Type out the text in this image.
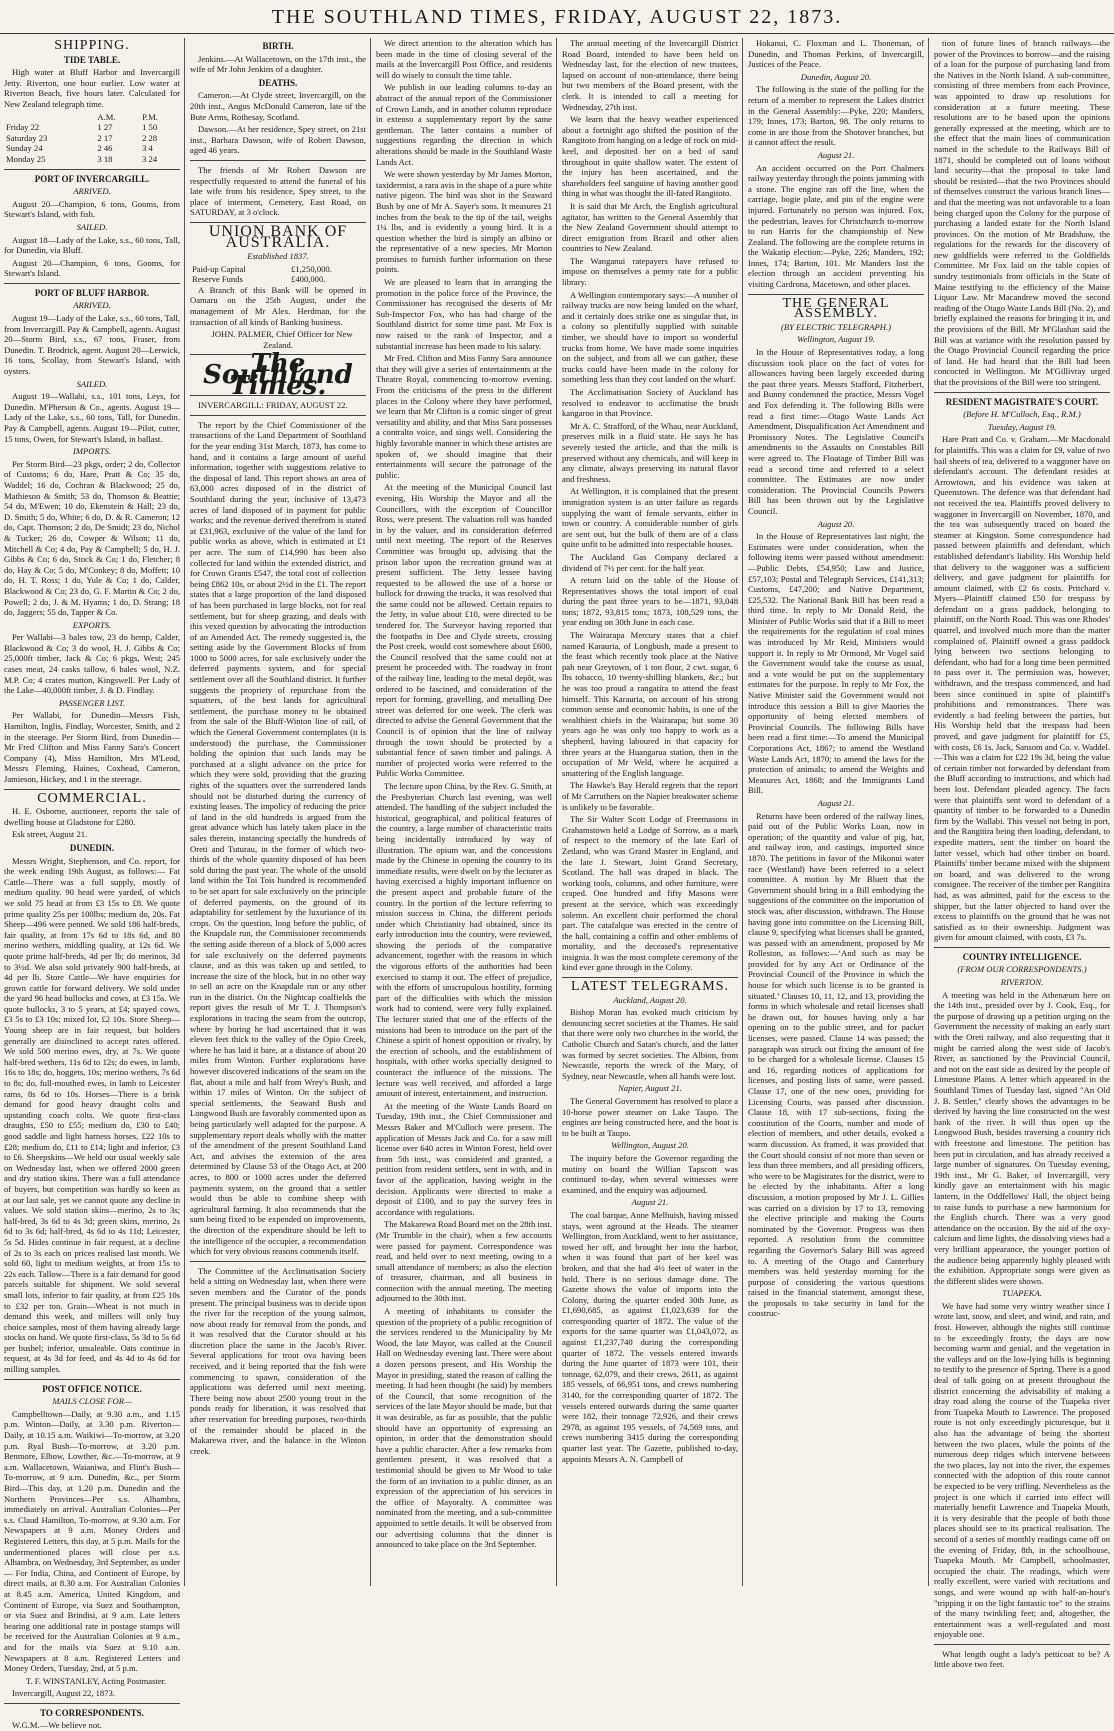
THE SOUTHLAND TIMES, FRIDAY, AUGUST 22, 1873.
SHIPPING.
TIDE TABLE.

High water at Bluff Harbor and Invercargill Jetty. Riverton, one hour earlier. Low water at Riverton Beach, five hours later. Calculated for New Zealand telegraph time.

	A.M.	P.M.
Friday 22	1 27	1 50
Saturday 23	2 17	2 28
Sunday 24	2 46	3 4
Monday 25	3 18	3 24
PORT OF INVERCARGILL.
ARRIVED.

August 20—Champion, 6 tons, Gooms, from Stewart's Island, with fish.

SAILED.

August 18—Lady of the Lake, s.s., 60 tons, Tall, for Dunedin, via Bluff.

August 20—Champion, 6 tons, Gooms, for Stewart's Island.

PORT OF BLUFF HARBOR.
ARRIVED.

August 19—Lady of the Lake, s.s., 60 tons, Tall, from Invercargill. Pay & Campbell, agents. August 20—Storm Bird, s.s., 67 tons, Fraser, from Dunedin. T. Brodrick, agent. August 20—Lerwick, 16 tons, Scollay, from Stewart's Island, with oysters.

SAILED.

August 19—Wallabi, s.s., 101 tons, Leys, for Dunedin. M'Pherson & Co., agents. August 19—Lady of the Lake, s.s., 60 tons, Tall, for Dunedin. Pay & Campbell, agents. August 19—Pilot, cutter, 15 tons, Owen, for Stewart's Island, in ballast.

IMPORTS.

Per Storm Bird—23 pkgs, order; 2 do, Collector of Customs; 6 do, Hare, Pratt & Co; 35 do, Waddel; 16 do, Cochran & Blackwood; 25 do, Mathieson & Smith; 53 do, Thomson & Beattie; 54 do, M'Ewen; 10 do, Ekenstein & Hall; 23 do, D. Smith; 5 do, White; 6 do, D. & R. Cameron; 12 do, Capt. Thomson; 2 do, De Smidt; 23 do, Nichol & Tucker; 26 do, Cowper & Wilson; 11 do, Mitchell & Co; 4 do, Pay & Campbell; 5 do, H. J. Gibbs & Co; 6 do, Stock & Co; 1 do, Fletcher; 8 do, Hay & Co; 5 do, M'Conkey; 8 do, Moffett; 10 do, H. T. Ross; 1 do, Yule & Co; 1 do, Calder, Blackwood & Co; 23 do, G. F. Martin & Co; 2 do, Powell; 2 do, J. & M. Hyams; 1 do, D. Strang; 18 do, Jaggers; 55 do, Tapper & Co.

EXPORTS.

Per Wallabi—3 bales tow, 23 do hemp, Calder, Blackwood & Co; 3 do wool, H. J. Gibbs & Co; 25,000ft timber, Jack & Co; 6 pkgs, West; 245 cases meat, 24 casks tallow, 6 bales wool, N.Z. M.P. Co; 4 crates mutton, Kingswell. Per Lady of the Lake—40,000ft timber, J. & D. Findlay.

PASSENGER LIST.

Per Wallabi, for Dunedin—Messrs Fish, Hamilton, Inglis, Findlay, Worcester, Smith, and 2 in the steerage. Per Storm Bird, from Dunedin—Mr Fred Clifton and Miss Fanny Sara's Concert Company (4), Miss Hamilton, Mrs M'Leod, Messrs Fleming, Haines, Coxhead, Cameron, Jamieson, Hickey, and 1 in the steerage.

COMMERCIAL.

H. E. Osborne, auctioneer, reports the sale of dwelling house at Gladstone for £280.

Esk street, August 21.

DUNEDIN.

Messrs Wright, Stephenson, and Co. report, for the week ending 19th August, as follows:— Fat Cattle—There was a full supply, mostly of medium quality. 90 head were yarded, of which we sold 75 head at from £3 15s to £8. We quote prime quality 25s per 100lbs; medium do, 20s. Fat Sheep—496 were penned. We sold 186 half-breds, fair quality, at from 17s 6d to 18s 6d, and 80 merino wethers, middling quality, at 12s 6d. We quote prime half-breds, 4d per lb; do merinos, 3d to 3½d. We also sold privately 900 half-breds, at 4d per lb. Store Cattle—We have enquiries for grown cattle for forward delivery. We sold under the yard 96 head bullocks and cows, at £3 15s. We quote bullocks, 3 to 5 years, at £4; spayed cows, £3 5s to £3 10s; mixed lot, £2 10s. Store Sheep—Young sheep are in fair request, but holders generally are disinclined to accept rates offered. We sold 500 merino ewes, dry, at 7s. We quote half-bred wethers, 11s 6d to 12s; do ewes, in lamb, 16s to 18s; do, hoggets, 10s; merino wethers, 7s 6d to 8s; do, full-mouthed ewes, in lamb to Leicester rams, 8s 6d to 10s. Horses—There is a brisk demand for good heavy draught colts and upstanding coach colts. We quote first-class draughts, £50 to £55; medium do, £30 to £40; good saddle and light harness horses, £22 10s to £28; medium do, £11 to £14; light and inferior, £3 to £6. Sheepskins—We held our usual weekly sale on Wednesday last, when we offered 2000 green and dry station skins. There was a full attendance of buyers, but competition was hardly so keen as at our last sale, yet we cannot quote any decline in values. We sold station skins—merino, 2s to 3s; half-bred, 3s 6d to 4s 3d; green skins, merino, 2s 6d to 3s 6d; half-bred, 4s 6d to 4s 11d; Leicester, 5s 5d. Hides continue in fair request, at a decline of 2s to 3s each on prices realised last month. We sold 60, light to medium weights, at from 15s to 22s each. Tallow—There is a fair demand for good parcels suitable for shipment. We sold several small lots, inferior to fair quality, at from £25 10s to £32 per ton. Grain—Wheat is not much in demand this week, and millers will only buy choice samples, most of them having already large stocks on hand. We quote first-class, 5s 3d to 5s 6d per bushel; inferior, unsaleable. Oats continue in request, at 4s 3d for feed, and 4s 4d to 4s 6d for milling samples.

POST OFFICE NOTICE.
MAILS CLOSE FOR—

Campbelltown—Daily, at 9.30 a.m., and 1.15 p.m. Winton—Daily, at 3.30 p.m. Riverton—Daily, at 10.15 a.m. Waikiwi—To-morrow, at 3.20 p.m. Ryal Bush—To-morrow, at 3.20 p.m. Benmore, Elbow, Lowther, &c.—To-morrow, at 9 a.m. Wallacetown, Waianiwa, and Flint's Bush—To-morrow, at 9 a.m. Dunedin, &c., per Storm Bird—This day, at 1.20 p.m. Dunedin and the Northern Provinces—Per s.s. Alhambra, immediately on arrival. Australian Colonies—Per s.s. Claud Hamilton, To-morrow, at 9.30 a.m. For Newspapers at 9 a.m. Money Orders and Registered Letters, this day, at 5 p.m. Mails for the undermentioned places will close per s.s. Alhambra, on Wednesday, 3rd September, as under— For India, China, and Continent of Europe, by direct mails, at 8.30 a.m. For Australian Colonies at 8.45 a.m. America, United Kingdom, and Continent of Europe, via Suez and Southampton, or via Suez and Brindisi, at 9 a.m. Late letters bearing one additional rate in postage stamps will be received for the Australian Colonies at 9 a.m., and for the mails via Suez at 9.10 a.m. Newspapers at 8 a.m. Registered Letters and Money Orders, Tuesday, 2nd, at 5 p.m.

T. F. WINSTANLEY, Acting Postmaster.

Invercargill, August 22, 1873.

TO CORRESPONDENTS.

W.G.M.—We believe not.

BIRTH.

Jenkins.—At Wallacetown, on the 17th inst., the wife of Mr John Jenkins of a daughter.

DEATHS.

Cameron.—At Clyde street, Invercargill, on the 20th inst., Angus McDonald Cameron, late of the Bute Arms, Rothesay, Scotland.

Dawson.—At her residence, Spey street, on 21st inst., Barbara Dawson, wife of Robert Dawson, aged 46 years.

The friends of Mr Robert Dawson are respectfully requested to attend the funeral of his late wife from his residence, Spey street, to the place of interment, Cemetery, East Road, on SATURDAY, at 3 o'clock.

UNION BANK OF AUSTRALIA.
Established 1837.
Paid-up Capital	£1,250,000.
Reserve Funds	£400,000.

A Branch of this Bank will be opened in Oamaru on the 25th August, under the management of Mr Alex. Herdman, for the transaction of all kinds of Banking business.

JOHN. PALMER, Chief Officer for New Zealand.

The Southland Times.

INVERCARGILL: FRIDAY, AUGUST 22.

The report by the Chief Commissioner of the transactions of the Land Department of Southland for the year ending 31st March, 1873, has come to hand, and it contains a large amount of useful information, together with suggestions relative to the disposal of land. This report shows an area of 63,000 acres disposed of in the district of Southland during the year, inclusive of 13,473 acres of land disposed of in payment for public works; and the revenue derived therefrom is stated at £31,963, exclusive of the value of the land for public works as above, which is estimated at £1 per acre. The sum of £14,990 has been also collected for land within the extended district, and for Crown Grants £547, the total cost of collection being £862 10s, or about 2½d in the £1. The report states that a large proportion of the land disposed of has been purchased in large blocks, not for real settlement, but for sheep grazing, and deals with this vexed question by advocating the introduction of an Amended Act. The remedy suggested is, the setting aside by the Government Blocks of from 1000 to 5000 acres, for sale exclusively under the deferred payments system, and for special settlement over all the Southland district. It further suggests the propriety of repurchase from the squatters, of the best lands for agricultural settlement, the purchase money to be obtained from the sale of the Bluff-Winton line of rail, of which the General Government contemplates (it is understood) the purchase, the Commissioner holding the opinion that such lands may be purchased at a slight advance on the price for which they were sold, providing that the grazing rights of the squatters over the surrendered lands should not be disturbed during the currency of existing leases. The impolicy of reducing the price of land in the old hundreds is argued from the great advance which has lately taken place in the sales therein, instancing specially the hundreds of Oreti and Tuturau, in the former of which two-thirds of the whole quantity disposed of has been sold during the past year. The whole of the unsold land within the Toi Tois hundred is recommended to be set apart for sale exclusively on the principle of deferred payments, on the ground of its adaptability for settlement by the luxuriance of its crops. On the question, long before the public, of the Knapdale run, the Commissioner recommends the setting aside thereon of a block of 5,000 acres for sale exclusively on the deferred payments clause, and as this was taken up and settled, to increase the size of the block, but in no other way to sell an acre on the Knapdale run or any other run in the district. On the Nightcap coalfields the report gives the result of Mr T. J. Thompson's explorations in tracing the seam from the outcrop, where by boring he had ascertained that it was eleven feet thick to the valley of the Opio Creek, where he has laid it bare, at a distance of about 20 miles from Winton. Further explorations have however discovered indications of the seam on the flat, about a mile and half from Wrey's Bush, and within 17 miles of Winton. On the subject of special settlements, the Seaward Bush and Longwood Bush are favorably commented upon as being particularly well adapted for the purpose. A supplementary report deals wholly with the matter of the amendment of the present Southland Land Act, and advises the extension of the area determined by Clause 53 of the Otago Act, at 200 acres, to 800 or 1000 acres under the deferred payments system, on the ground that a settler would thus be able to combine sheep with agricultural farming. It also recommends that the sum being fixed to be expended on improvements, the direction of the expenditure should be left to the intelligence of the occupier, a recommendation which for very obvious reasons commends itself.

The Committee of the Acclimatisation Society held a sitting on Wednesday last, when there were seven members and the Curator of the ponds present. The principal business was to decide upon the river for the reception of the young salmon, now about ready for removal from the ponds, and it was resolved that the Curator should at his discretion place the same in the Jacob's River. Several applications for trout ova having been received, and it being reported that the fish were commencing to spawn, consideration of the applications was deferred until next meeting. There being now about 2500 young trout in the ponds ready for liberation, it was resolved that after reservation for breeding purposes, two-thirds of the remainder should be placed in the Makarewa river, and the balance in the Winton creek.

We direct attention to the alteration which has been made in the time of closing several of the mails at the Invercargill Post Office, and residents will do wisely to consult the time table.

We publish in our leading columns to-day an abstract of the annual report of the Commissioner of Crown Lands, and in another column reproduce in extenso a supplementary report by the same gentleman. The latter contains a number of suggestions regarding the direction in which alterations should be made in the Southland Waste Lands Act.

We were shown yesterday by Mr James Morton, taxidermist, a rara avis in the shape of a pure white native pigeon. The bird was shot in the Seaward Bush by one of Mr A. Sayer's sons. It measures 21 inches from the beak to the tip of the tail, weighs 1¼ lbs, and is evidently a young bird. It is a question whether the bird is simply an albino or the representative of a new species. Mr Morton promises to furnish further information on these points.

We are pleased to learn that in arranging the promotion in the police force of the Province, the Commissioner has recognised the deserts of Mr Sub-Inspector Fox, who has had charge of the Southland district for some time past. Mr Fox is now raised to the rank of Inspector, and a substantial increase has been made to his salary.

Mr Fred. Clifton and Miss Fanny Sara announce that they will give a series of entertainments at the Theatre Royal, commencing to-morrow evening. From the criticisms of the press in the different places in the Colony where they have performed, we learn that Mr Clifton is a comic singer of great versatility and ability, and that Miss Sara possesses a contralto voice, and sings well. Considering the highly favorable manner in which these artistes are spoken of, we should imagine that their entertainments will secure the patronage of the public.

At the meeting of the Municipal Council last evening, His Worship the Mayor and all the Councillors, with the exception of Councillor Ross, were present. The valuation roll was handed in by the valuer, and its consideration deferred until next meeting. The report of the Reserves Committee was brought up, advising that the prison labor upon the recreation ground was at present sufficient. The Jetty lessee having requested to be allowed the use of a horse or bullock for drawing the trucks, it was resolved that the same could not be allowed. Certain repairs to the Jetty, in value about £10, were directed to be tendered for. The Surveyor having reported that the footpaths in Dee and Clyde streets, crossing the Post creek, would cost somewhere about £600, the Council resolved that the same could not at present be proceeded with. The roadway in front of the railway line, leading to the metal depôt, was ordered to be fascined, and consideration of the report for forming, gravelling, and metalling Dee street was deferred for one week. The clerk was directed to advise the General Government that the Council is of opinion that the line of railway through the town should be protected by a substantial fence of sawn timber and palings. A number of projected works were referred to the Public Works Committee.

The lecture upon China, by the Rev. G. Smith, at the Presbyterian Church last evening, was well attended. The handling of the subject included the historical, geographical, and political features of the country, a large number of characteristic traits being incidentally introduced by way of illustration. The opium war, and the concessions made by the Chinese in opening the country to its immediate results, were dwelt on by the lecturer as having exercised a highly important influence on the present aspect and probable future of the country. In the portion of the lecture referring to mission success in China, the different periods under which Christianity had obtained, since its early introduction into the country, were reviewed, showing the periods of the comparative advancement, together with the reasons in which the vigorous efforts of the authorities had been exercised to stamp it out. The effect of prejudice, with the efforts of unscrupulous hostility, forming part of the difficulties with which the mission work had to contend, were very fully explained. The lecturer stated that one of the effects of the missions had been to introduce on the part of the Chinese a spirit of honest opposition or rivalry, by the erection of schools, and the establishment of hospitals, with other works specially designed to counteract the influence of the missions. The lecture was well received, and afforded a large amount of interest, entertainment, and instruction.

At the meeting of the Waste Lands Board on Tuesday, 19th inst., the Chief Commissioner and Messrs Baker and M'Culloch were present. The application of Messrs Jack and Co. for a saw mill license over 640 acres in Winton Forest, held over from 5th inst., was considered and granted, a petition from resident settlers, sent in with, and in favor of the application, having weight in the decision. Applicants were directed to make a deposit of £100, and to pay the survey fees in accordance with regulations.

The Makarewa Road Board met on the 28th inst. (Mr Trumble in the chair), when a few accounts were passed for payment. Correspondence was read, and held over to next meeting, owing to a small attendance of members; as also the election of treasurer, chairman, and all business in connection with the annual meeting. The meeting adjourned to the 30th inst.

A meeting of inhabitants to consider the question of the propriety of a public recognition of the services rendered to the Municipality by Mr Wood, the late Mayor, was called at the Council Hall on Wednesday evening last. There were about a dozen persons present, and His Worship the Mayor in presiding, stated the reason of calling the meeting. It had been thought (he said) by members of the Council, that some recognition of the services of the late Mayor should be made, but that it was desirable, as far as possible, that the public should have an opportunity of expressing an opinion, in order that the demonstration should have a public character. After a few remarks from gentlemen present, it was resolved that a testimonial should be given to Mr Wood to take the form of an invitation to a public dinner, as an expression of the appreciation of his services in the office of Mayoralty. A committee was nominated from the meeting, and a sub-committee appointed to settle details. It will be observed from our advertising columns that the dinner is announced to take place on the 3rd September.

The annual meeting of the Invercargill District Road Board, intended to have been held on Wednesday last, for the election of new trustees, lapsed on account of non-attendance, there being but two members of the Board present, with the clerk. It is intended to call a meeting for Wednesday, 27th inst.

We learn that the heavy weather experienced about a fortnight ago shifted the position of the Rangitoto from hanging on a ledge of rock on mid-keel, and deposited her on a bed of sand throughout in quite shallow water. The extent of the injury has been ascertained, and the shareholders feel sanguine of having another good thing in what was thought the ill-fated Rangitoto.

It is said that Mr Arch, the English agricultural agitator, has written to the General Assembly that the New Zealand Government should attempt to direct emigration from Brazil and other alien countries to New Zealand.

The Wanganui ratepayers have refused to impose on themselves a penny rate for a public library.

A Wellington contemporary says:—A number of railway trucks are now being landed on the wharf, and it certainly does strike one as singular that, in a colony so plentifully supplied with suitable timber, we should have to import so wonderful trucks from home. We have made some inquiries on the subject, and from all we can gather, these trucks could have been made in the colony for something less than they cost landed on the wharf.

The Acclimatisation Society of Auckland has resolved to endeavor to acclimatise the brush kangaroo in that Province.

Mr A. C. Strafford, of the Whau, near Auckland, preserves milk in a fluid state. He says he has severely tested the article, and that the milk is preserved without any chemicals, and will keep in any climate, always preserving its natural flavor and freshness.

At Wellington, it is complained that the present immigration system is an utter failure as regards supplying the want of female servants, either in town or country. A considerable number of girls are sent out, but the bulk of them are of a class quite unfit to be admitted into respectable houses.

The Auckland Gas Company declared a dividend of 7½ per cent. for the half year.

A return laid on the table of the House of Representatives shows the total import of coal during the past three years to be—1871, 93,048 tons; 1872, 93,815 tons; 1873, 108,529 tons, the year ending on 30th June in each case.

The Wairarapa Mercury states that a chief named Karauria, of Longbush, made a present to the feast which recently took place at the Native pah near Greytown, of 1 ton flour, 2 cwt. sugar, 6 lbs tobacco, 10 twenty-shilling blankets, &c.; but he was too proud a rangatira to attend the feast himself. This Karauria, on account of his strong common sense and economic habits, is one of the wealthiest chiefs in the Wairarapa; but some 30 years ago he was only too happy to work as a shepherd, having laboured in that capacity for three years at the Huangarua station, then in the occupation of Mr Weld, where he acquired a smattering of the English language.

The Hawke's Bay Herald regrets that the report of Mr Carruthers on the Napier breakwater scheme is unlikely to be favorable.

The Sir Walter Scott Lodge of Freemasons in Grahamstown held a Lodge of Sorrow, as a mark of respect to the memory of the late Earl of Zetland, who was Grand Master in England, and the late J. Stewart, Joint Grand Secretary, Scotland. The hall was draped in black. The working tools, columns, and other furniture, were craped. One hundred and fifty Masons were present at the service, which was exceedingly solemn. An excellent choir performed the choral part. The catafalque was erected in the centre of the hall, containing a coffin and other emblems of mortality, and the deceased's representative insignia. It was the most complete ceremony of the kind ever gone through in the Colony.

LATEST TELEGRAMS.
Auckland, August 20.

Bishop Moran has evoked much criticism by denouncing secret societies at the Thames. He said that there were only two churches in the world, the Catholic Church and Satan's church, and the latter was formed by secret societies. The Albion, from Newcastle, reports the wreck of the Mary, of Sydney, near Newcastle, when all hands were lost.

Napier, August 21.

The General Government has resolved to place a 10-horse power steamer on Lake Taupo. The engines are being constructed here, and the boat is to be built at Taupo.

Wellington, August 20.

The inquiry before the Governor regarding the mutiny on board the Willian Tapscott was continued to-day, when several witnesses were examined, and the enquiry was adjourned.

August 21.

The coal barque, Anne Melhuish, having missed stays, went aground at the Heads. The steamer Wellington, from Auckland, went to her assistance, towed her off, and brought her into the harbor, when it was found that part of her keel was broken, and that she had 4½ feet of water in the hold. There is no serious damage done. The Gazette shows the value of imports into the Colony, during the quarter ended 30th June, as £1,690,685, as against £1,023,639 for the corresponding quarter of 1872. The value of the exports for the same quarter was £1,043,072, as against £1,237,740 during the corresponding quarter of 1872. The vessels entered inwards during the June quarter of 1873 were 101, their tonnage, 62,079, and their crews, 2611, as against 185 vessels, of 66,951 tons, and crews numbering 3140, for the corresponding quarter of 1872. The vessels entered outwards during the same quarter were 182, their tonnage 72,926, and their crews 2978, as against 195 vessels, of 74,569 tons, and crews numbering 3415 during the corresponding quarter last year. The Gazette, published to-day, appoints Messrs A. N. Campbell of

Hokanui, C. Floxman and L. Thoneman, of Dunedin, and Thomas Perkins, of Invercargill, Justices of the Peace.

Dunedin, August 20.

The following is the state of the polling for the return of a member to represent the Lakes district in the General Assembly:—Pyke, 220; Manders, 179; Innes, 173; Barton, 98. The only returns to come in are those from the Shotover branches, but it cannot affect the result.

August 21.

An accident occurred on the Port Chalmers railway yesterday through the points jamming with a stone. The engine ran off the line, when the carriage, bogie plate, and pin of the engine were injured. Fortunately no person was injured. Fox, the pedestrian, leaves for Christchurch to-morrow to run Harris for the championship of New Zealand. The following are the complete returns in the Wakatip election:—Pyke, 226; Manders, 192; Innes, 174; Barton, 101. Mr Manders lost the election through an accident preventing his visiting Cardrona, Macetown, and other places.

THE GENERAL ASSEMBLY.
(BY ELECTRIC TELEGRAPH.)
Wellington, August 19.

In the House of Representatives today, a long discussion took place on the fact of votes for allowances having been largely exceeded during the past three years. Messrs Stafford, Fitzherbert, and Bunny condemned the practice, Messrs Vogel and Fox defending it. The following Bills were read a first time:—Otago Waste Lands Act Amendment, Disqualification Act Amendment and Promissory Notes. The Legislative Council's amendments to the Assaults on Constables Bill were agreed to. The Floatage of Timber Bill was read a second time and referred to a select committee. The Estimates are now under consideration. The Provincial Councils Powers Bill has been thrown out by the Legislative Council.

August 20.

In the House of Representatives last night, the Estimates were under consideration, when the following items were passed without amendment:—Public Debts, £54,950; Law and Justice, £57,103; Postal and Telegraph Services, £141,313; Customs, £47,200; and Native Department, £25,532. The National Bank Bill has been read a third time. In reply to Mr Donald Reid, the Minister of Public Works said that if a Bill to meet the requirements for the regulation of coal mines was introduced by Mr Reid, Ministers would support it. In reply to Mr Ormond, Mr Vogel said the Government would take the course as usual, and a vote would be put on the supplementary estimates for the purpose. In reply to Mr Fox, the Native Minister said the Government would not introduce this session a Bill to give Maories the opportunity of being elected members of Provincial Councils. The following Bills have been read a first time:—To amend the Municipal Corporations Act, 1867; to amend the Westland Waste Lands Act, 1870; to amend the laws for the protection of animals; to amend the Weights and Measures Act, 1868; and the Immigrants Land Bill.

August 21.

Returns have been ordered of the railway lines, paid out of the Public Works Loan, now in operation; of the quantity and value of pig, bar, and railway iron, and castings, imported since 1870. The petitions in favor of the Mikonui water race (Westland) have been referred to a select committee. A motion by Mr Bluett that the Government should bring in a Bill embodying the suggestions of the committee on the importation of stock was, after discussion, withdrawn. The House having gone into committee on the Licensing Bill, clause 9, specifying what licenses shall be granted, was passed with an amendment, proposed by Mr Rolleston, as follows:—‘And such as may be provided for by any Act or Ordinance of the Provincial Council of the Province in which the house for which such license is to be granted is situated.’ Clauses 10, 11, 12, and 13, providing the forms in which wholesale and retail licenses shall be drawn out, for houses having only a bar opening on to the public street, and for packet licenses, were passed. Clause 14 was passed; the paragraph was struck out fixing the amount of fee to be charged for a wholesale license. Clauses 15 and 16, regarding notices of applications for licenses, and posting lists of same, were passed. Clause 17, one of the new ones, providing for Licensing Courts, was passed after discussion. Clause 18, with 17 sub-sections, fixing the constitution of the Courts, number and mode of election of members, and other details, evoked a warm discussion. As framed, it was provided that the Court should consist of not more than seven or less than three members, and all presiding officers, who were to be Magistrates for the district, were to be elected by the inhabitants. After a long discussion, a motion proposed by Mr J. L. Gillies was carried on a division by 17 to 13, removing the elective principle and making the Courts nominated by the Governor. Progress was then reported. A resolution from the committee regarding the Governor's Salary Bill was agreed to. A meeting of the Otago and Canterbury members was held yesterday morning for the purpose of considering the various questions raised in the financial statement, amongst these, the proposals to take security in land for the construc-

tion of future lines of branch railways—the power of the Provinces to borrow—and the raising of a loan for the purpose of purchasing land from the Natives in the North Island. A sub-committee, consisting of three members from each Province, was appointed to draw up resolutions for consideration at a future meeting. These resolutions are to be based upon the opinions generally expressed at the meeting, which are to the effect that the main lines of communication named in the schedule to the Railways Bill of 1871, should be completed out of loans without land security—that the proposal to take land should be resisted—that the two Provinces should of themselves construct the various branch lines—and that the meeting was not unfavorable to a loan being charged upon the Colony for the purpose of purchasing a landed estate for the North Island provinces. On the motion of Mr Bradshaw, the regulations for the rewards for the discovery of new goldfields were referred to the Goldfields Committee. Mr Fox laid on the table copies of sundry testimonials from officials in the State of Maine testifying to the efficiency of the Maine Liquor Law. Mr Macandrew moved the second reading of the Otago Waste Lands Bill (No. 2), and briefly explained the reasons for bringing it in, and the provisions of the Bill. Mr M'Glashan said the Bill was at variance with the resolution passed by the Otago Provincial Council regarding the price of land. He had heard that the Bill had been concocted in Wellington. Mr M'Gillivray urged that the provisions of the Bill were too stringent.

RESIDENT MAGISTRATE'S COURT.
(Before H. M'Culloch, Esq., R.M.)
Tuesday, August 19.

Hare Pratt and Co. v. Graham.—Mr Macdonald for plaintiffs. This was a claim for £9, value of two bail sheets of tea, delivered to a waggoner have on defendant's account. The defendant resides at Arrowtown, and his evidence was taken at Queenstown. The defence was that defendant had not received the tea. Plaintiffs proved delivery to waggoner in Invercargill on November, 1870, and the tea was subsequently traced on board the steamer at Kingston. Some correspondence had passed between plaintiffs and defendant, which established defendant's liability. His Worship held that delivery to the waggoner was a sufficient delivery, and gave judgment for plaintiffs for amount claimed, with £2 6s costs. Pritchard v. Myers—Plaintiff claimed £50 for trespass by defendant on a grass paddock, belonging to plaintiff, on the North Road. This was one Rhodes' quarrel, and involved much more than the matter complained of. Plaintiff owned a grass paddock lying between two sections belonging to defendant, who had for a long time been permitted to pass over it. The permission was, however, withdrawn, and the trespass commenced, and had been since continued in spite of plaintiff's prohibitions and remonstrances. There was evidently a bad feeling between the parties, but His Worship held that the trespass had been proved, and gave judgment for plaintiff for £5, with costs, £6 1s. Jack, Sansom and Co. v. Waddel.—This was a claim for £22 19s 3d, being the value of certain timber not forwarded by defendant from the Bluff according to instructions, and which had been lost. Defendant pleaded agency. The facts were that plaintiffs sent word to defendant of a quantity of timber to be forwarded to a Dunedin firm by the Wallabi. This vessel not being in port, and the Rangitira being then loading, defendant, to expedite matters, sent the timber on board the latter vessel, which had other timber on board. Plaintiffs' timber became mixed with the shipment on board, and was delivered to the wrong consignee. The receiver of the timber per Rangitira had, as was admitted, paid for the excess to the shipper, but the latter objected to hand over the excess to plaintiffs on the ground that he was not satisfied as to their ownership. Judgment was given for amount claimed, with costs, £3 7s.

COUNTRY INTELLIGENCE.
(FROM OUR CORRESPONDENTS.)
RIVERTON.

A meeting was held in the Athenæum here on the 14th inst., presided over by J. Cook, Esq., for the purpose of drawing up a petition urging on the Government the necessity of making an early start with the Oreti railway, and also requesting that it might be carried along the west side of Jacob's River, as sanctioned by the Provincial Council, and not on the east side as desired by the people of Limestone Plains. A letter which appeared in the Southland Times of Tuesday last, signed "An Old J. B. Settler," clearly shows the advantages to be derived by having the line constructed on the west bank of the river. It will thus open up the Longwood Bush, besides traversing a country rich with freestone and limestone. The petition has been put in circulation, and has already received a large number of signatures. On Tuesday evening, 19th inst., Mr G. Baker, of Invercargill, very kindly gave an entertainment with his magic lantern, in the Oddfellows' Hall, the object being to raise funds to purchase a new harmonium for the English church. There was a very good attendance on the occasion. By the aid of the oxy-calcium and lime lights, the dissolving views had a very brilliant appearance, the younger portion of the audience being apparently highly pleased with the exhibition. Appropriate songs were given as the different slides were shown.

TUAPEKA.

We have had some very wintry weather since I wrote last, snow, and sleet, and wind, and rain, and frost. However, although the nights still continue to be exceedingly frosty, the days are now becoming warm and genial, and the vegetation in the valleys and on the low-lying hills is beginning to testify to the presence of Spring. There is a good deal of talk going on at present throughout the district concerning the advisability of making a dray road along the course of the Tuapeka river from Tuapeka Mouth to Lawrence. The proposed route is not only exceedingly picturesque, but it also has the advantage of being the shortest between the two places, while the points of the numerous deep ridges which intervene between the two places, lay not into the river, the expenses connected with the adoption of this route cannot be expected to be very trifling. Nevertheless as the project is one which if carried into effect will materially benefit Lawrence and Tuapeka Mouth, it is very desirable that the people of both those places should see to its practical realisation. The second of a series of monthly readings came off on the evening of Friday, 8th, in the schoolhouse, Tuapeka Mouth. Mr Campbell, schoolmaster, occupied the chair. The readings, which were really excellent, were varied with recitations and songs, and were wound up with half-an-hour's "tripping it on the light fantastic toe" to the strains of the many twinkling feet; and, altogether, the entertainment was a well-regulated and most enjoyable one.

What length ought a lady's petticoat to be? A little above two feet.
